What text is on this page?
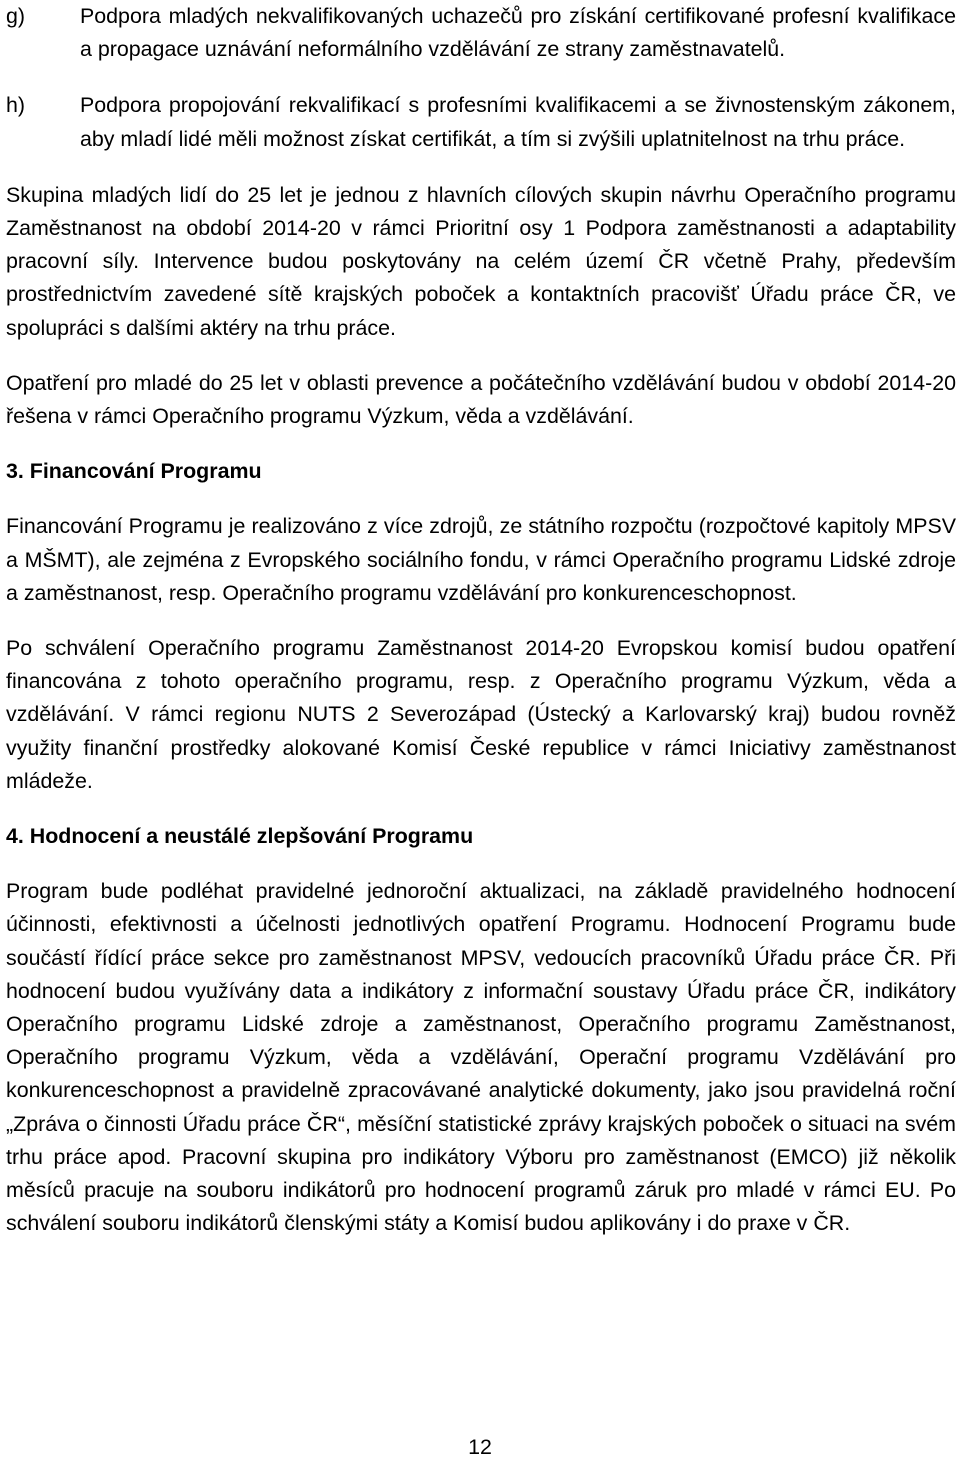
g)	Podpora mladých nekvalifikovaných uchazečů pro získání certifikované profesní kvalifikace a propagace uznávání neformálního vzdělávání ze strany zaměstnavatelů.
h)	Podpora propojování rekvalifikací s profesními kvalifikacemi a se živnostenským zákonem, aby mladí lidé měli možnost získat certifikát, a tím si zvýšili uplatnitelnost na trhu práce.

Skupina mladých lidí do 25 let je jednou z hlavních cílových skupin návrhu Operačního programu Zaměstnanost na období 2014-20 v rámci Prioritní osy 1 Podpora zaměstnanosti a adaptability pracovní síly. Intervence budou poskytovány na celém území ČR včetně Prahy, především prostřednictvím zavedené sítě krajských poboček a kontaktních pracovišť Úřadu práce ČR, ve spolupráci s dalšími aktéry na trhu práce.

Opatření pro mladé do 25 let v oblasti prevence a počátečního vzdělávání budou v období 2014-20 řešena v rámci Operačního programu Výzkum, věda a vzdělávání.

3. Financování Programu

Financování Programu je realizováno z více zdrojů, ze státního rozpočtu (rozpočtové kapitoly MPSV a MŠMT), ale zejména z Evropského sociálního fondu, v rámci Operačního programu Lidské zdroje a zaměstnanost, resp. Operačního programu vzdělávání pro konkurenceschopnost.

Po schválení Operačního programu Zaměstnanost 2014-20 Evropskou komisí budou opatření financována z tohoto operačního programu, resp. z Operačního programu Výzkum, věda a vzdělávání. V rámci regionu NUTS 2 Severozápad (Ústecký a Karlovarský kraj) budou rovněž využity finanční prostředky alokované Komisí České republice v rámci Iniciativy zaměstnanost mládeže.

4. Hodnocení a neustálé zlepšování Programu

Program bude podléhat pravidelné jednoroční aktualizaci, na základě pravidelného hodnocení účinnosti, efektivnosti a účelnosti jednotlivých opatření Programu. Hodnocení Programu bude součástí řídící práce sekce pro zaměstnanost MPSV, vedoucích pracovníků Úřadu práce ČR. Při hodnocení budou využívány data a indikátory z informační soustavy Úřadu práce ČR, indikátory Operačního programu Lidské zdroje a zaměstnanost, Operačního programu Zaměstnanost, Operačního programu Výzkum, věda a vzdělávání, Operační programu Vzdělávání pro konkurenceschopnost a pravidelně zpracovávané analytické dokumenty, jako jsou pravidelná roční „Zpráva o činnosti Úřadu práce ČR“, měsíční statistické zprávy krajských poboček o situaci na svém trhu práce apod. Pracovní skupina pro indikátory Výboru pro zaměstnanost (EMCO) již několik měsíců pracuje na souboru indikátorů pro hodnocení programů záruk pro mladé v rámci EU. Po schválení souboru indikátorů členskými státy a Komisí budou aplikovány i do praxe v ČR.

12
